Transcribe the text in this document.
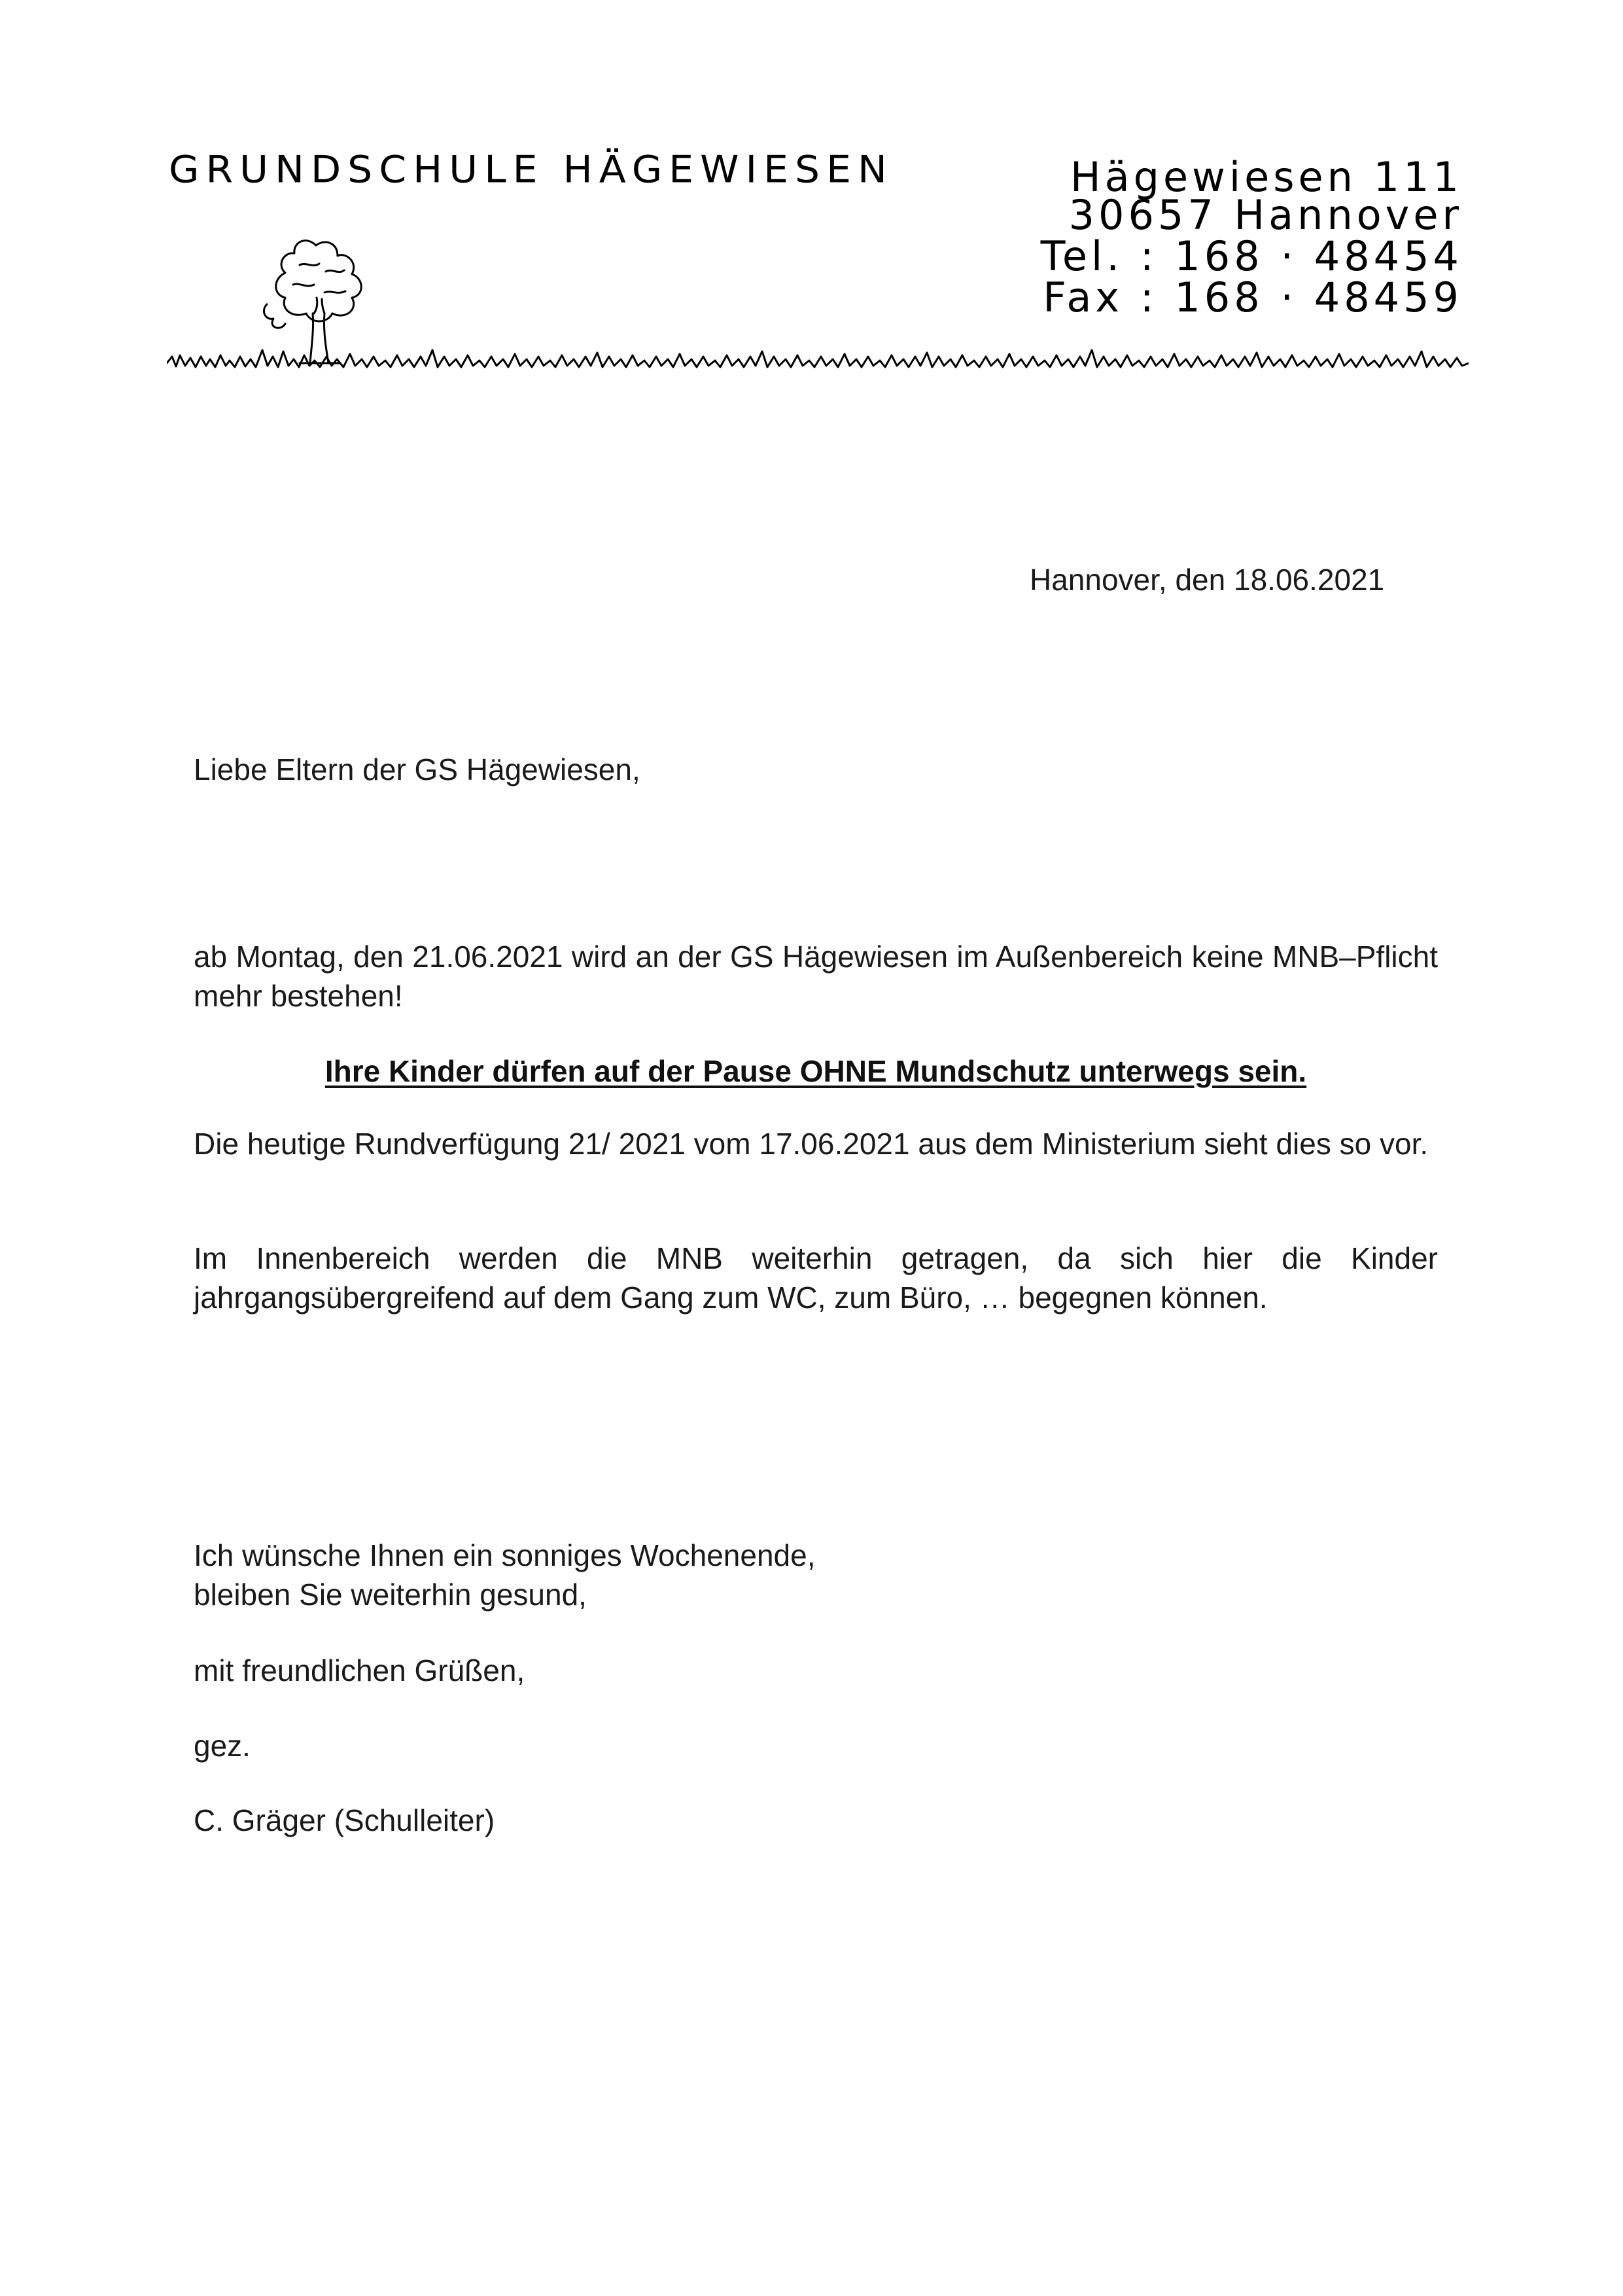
GRUNDSCHULE HÄGEWIESEN	Hägewiesen 111
30657 Hannover
Tel. : 168 · 48454
Fax : 168 · 48459
Hannover, den 18.06.2021
Liebe Eltern der GS Hägewiesen,
ab Montag, den 21.06.2021 wird an der GS Hägewiesen im Außenbereich keine MNB–Pflicht mehr bestehen!
Ihre Kinder dürfen auf der Pause OHNE Mundschutz unterwegs sein.
Die heutige Rundverfügung 21/ 2021 vom 17.06.2021 aus dem Ministerium sieht dies so vor.
Im Innenbereich werden die MNB weiterhin getragen, da sich hier die Kinder jahrgangsübergreifend auf dem Gang zum WC, zum Büro, … begegnen können.
Ich wünsche Ihnen ein sonniges Wochenende,
bleiben Sie weiterhin gesund,
mit freundlichen Grüßen,
gez.
C. Gräger (Schulleiter)
